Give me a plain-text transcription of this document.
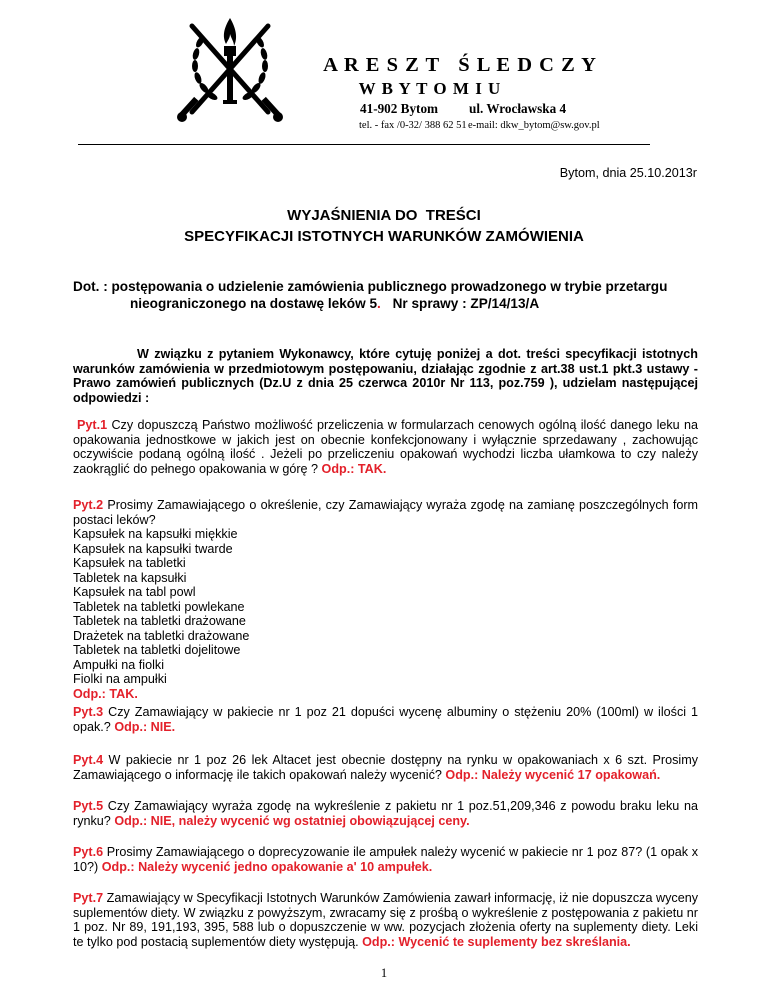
A R E S Z T   Ś L E D C Z Y
W B Y T O M I U
41-902 Bytom ul. Wrocławska 4
tel. - fax /0-32/ 388 62 51 e-mail: dkw_bytom@sw.gov.pl
Bytom, dnia 25.10.2013r
WYJAŚNIENIA DO  TREŚCI
SPECYFIKACJI ISTOTNYCH WARUNKÓW ZAMÓWIENIA
Dot. : postępowania o udzielenie zamówienia publicznego prowadzonego w trybie przetargu
nieograniczonego na dostawę leków 5. Nr sprawy : ZP/14/13/A

W związku z pytaniem Wykonawcy, które cytuję poniżej a dot. treści specyfikacji istotnych warunków zamówienia w przedmiotowym postępowaniu, działając zgodnie z art.38 ust.1 pkt.3 ustawy - Prawo zamówień publicznych (Dz.U z dnia 25 czerwca 2010r Nr 113, poz.759 ), udzielam następującej odpowiedzi :

Pyt.1 Czy dopuszczą Państwo możliwość przeliczenia w formularzach cenowych ogólną ilość danego leku na opakowania jednostkowe w jakich jest on obecnie konfekcjonowany i wyłącznie sprzedawany , zachowując oczywiście podaną ogólną ilość . Jeżeli po przeliczeniu opakowań wychodzi liczba ułamkowa to czy należy zaokrąglić do pełnego opakowania w górę ? Odp.: TAK.

Pyt.2 Prosimy Zamawiającego o określenie, czy Zamawiający wyraża zgodę na zamianę poszczególnych form postaci leków?

Kapsułek na kapsułki miękkie
Kapsułek na kapsułki twarde
Kapsułek na tabletki
Tabletek na kapsułki
Kapsułek na tabl powl
Tabletek na tabletki powlekane
Tabletek na tabletki drażowane
Drażetek na tabletki drażowane
Tabletek na tabletki dojelitowe
Ampułki na fiolki
Fiolki na ampułki
Odp.: TAK.

Pyt.3 Czy Zamawiający w pakiecie nr 1 poz 21 dopuści wycenę albuminy o stężeniu 20% (100ml) w ilości 1 opak.? Odp.: NIE.

Pyt.4 W pakiecie nr 1 poz 26 lek Altacet jest obecnie dostępny na rynku w opakowaniach x 6 szt. Prosimy Zamawiającego o informację ile takich opakowań należy wycenić? Odp.: Należy wycenić 17 opakowań.

Pyt.5 Czy Zamawiający wyraża zgodę na wykreślenie z pakietu nr 1 poz.51,209,346 z powodu braku leku na rynku? Odp.: NIE, należy wycenić wg ostatniej obowiązującej ceny.

Pyt.6 Prosimy Zamawiającego o doprecyzowanie ile ampułek należy wycenić w pakiecie nr 1 poz 87? (1 opak x 10?) Odp.: Należy wycenić jedno opakowanie a' 10 ampułek.

Pyt.7 Zamawiający w Specyfikacji Istotnych Warunków Zamówienia zawarł informację, iż nie dopuszcza wyceny suplementów diety. W związku z powyższym, zwracamy się z prośbą o wykreślenie z postępowania z pakietu nr 1 poz. Nr 89, 191,193, 395, 588 lub o dopuszczenie w ww. pozycjach złożenia oferty na suplementy diety. Leki te tylko pod postacią suplementów diety występują. Odp.: Wycenić te suplementy bez skreślania.

1
